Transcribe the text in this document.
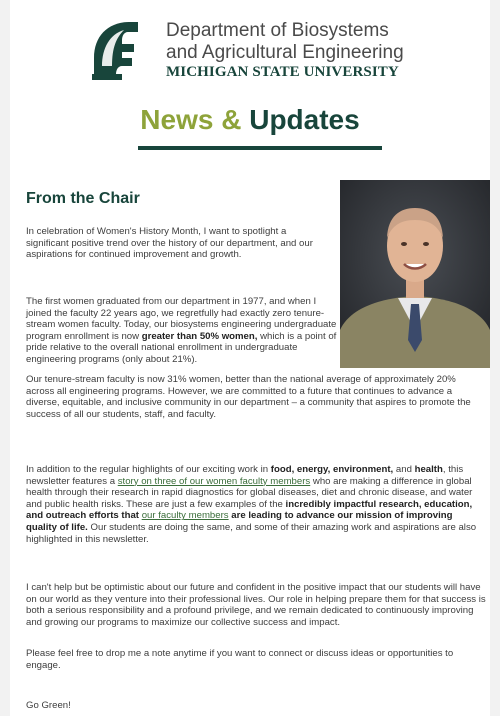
Department of Biosystems
and Agricultural Engineering
MICHIGAN STATE UNIVERSITY
News & Updates
From the Chair

In celebration of Women's History Month, I want to spotlight a significant positive trend over the history of our department, and our aspirations for continued improvement and growth.

The first women graduated from our department in 1977, and when I joined the faculty 22 years ago, we regretfully had exactly zero tenure-stream women faculty. Today, our biosystems engineering undergraduate program enrollment is now greater than 50% women, which is a point of pride relative to the overall national enrollment in undergraduate engineering programs (only about 21%).

Our tenure-stream faculty is now 31% women, better than the national average of approximately 20% across all engineering programs. However, we are committed to a future that continues to advance a diverse, equitable, and inclusive community in our department – a community that aspires to promote the success of all our students, staff, and faculty.

In addition to the regular highlights of our exciting work in food, energy, environment, and health, this newsletter features a story on three of our women faculty members who are making a difference in global health through their research in rapid diagnostics for global diseases, diet and chronic disease, and water and public health risks. These are just a few examples of the incredibly impactful research, education, and outreach efforts that our faculty members are leading to advance our mission of improving quality of life. Our students are doing the same, and some of their amazing work and aspirations are also highlighted in this newsletter.

I can't help but be optimistic about our future and confident in the positive impact that our students will have on our world as they venture into their professional lives. Our role in helping prepare them for that success is both a serious responsibility and a profound privilege, and we remain dedicated to continuously improving and growing our programs to maximize our collective success and impact.

Please feel free to drop me a note anytime if you want to connect or discuss ideas or opportunities to engage.

Go Green!
